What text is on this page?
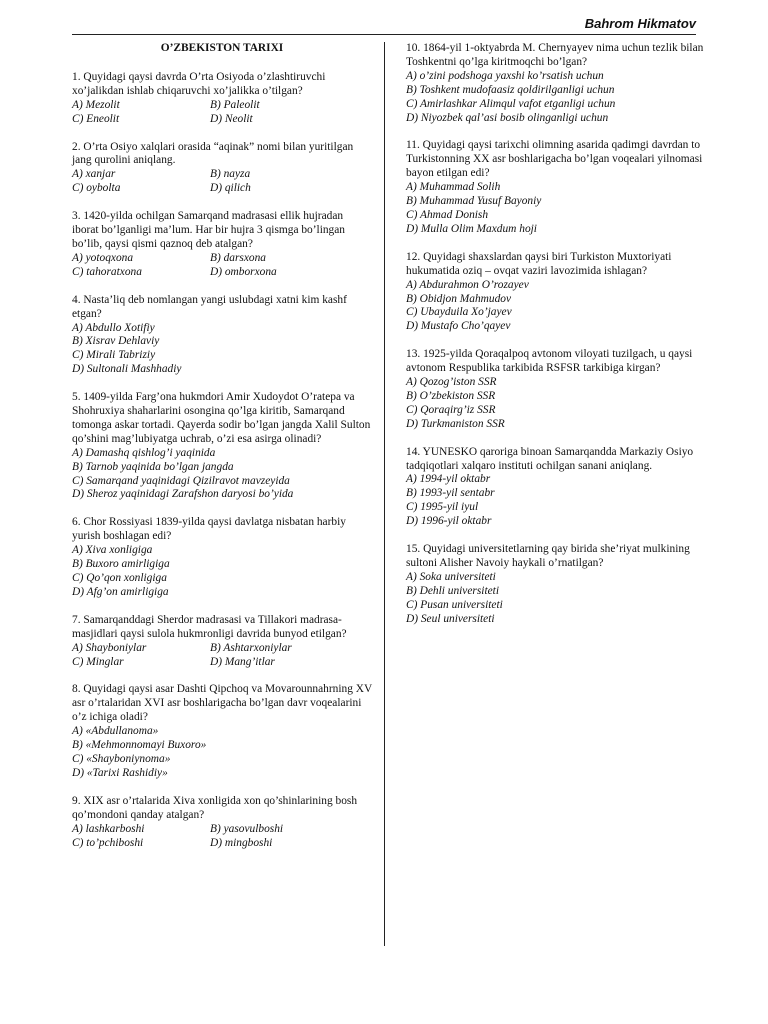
Bahrom Hikmatov
O’ZBEKISTON TARIXI
1. Quyidagi qaysi davrda O’rta Osiyoda o’zlashtiruvchi xo’jalikdan ishlab chiqaruvchi xo’jalikka o’tilgan?
A) Mezolit	B) Paleolit
C) Eneolit	D) Neolit
2. O’rta Osiyo xalqlari orasida “aqinak” nomi bilan yuritilgan jang qurolini aniqlang.
A) xanjar	B) nayza
C) oybolta	D) qilich
3. 1420-yilda ochilgan Samarqand madrasasi ellik hujradan iborat bo’lganligi ma’lum. Har bir hujra 3 qismga bo’lingan bo’lib, qaysi qismi qaznoq deb atalgan?
A) yotoqxona	B) darsxona
C) tahoratxona	D) omborxona
4. Nasta’liq deb nomlangan yangi uslubdagi xatni kim kashf etgan?
A) Abdullo Xotifiy
B) Xisrav Dehlaviy
C) Mirali Tabriziy
D) Sultonali Mashhadiy
5. 1409-yilda Farg’ona hukmdori Amir Xudoydot O’ratepa va Shohruxiya shaharlarini osongina qo’lga kiritib, Samarqand tomonga askar tortadi. Qayerda sodir bo’lgan jangda Xalil Sulton qo’shini mag’lubiyatga uchrab, o’zi esa asirga olinadi?
A) Damashq qishlog’i yaqinida
B) Tarnob yaqinida bo’lgan jangda
C) Samarqand yaqinidagi Qizilravot mavzeyida
D) Sheroz yaqinidagi Zarafshon daryosi bo’yida
6. Chor Rossiyasi 1839-yilda qaysi davlatga nisbatan harbiy yurish boshlagan edi?
A) Xiva xonligiga
B) Buxoro amirligiga
C) Qo’qon xonligiga
D) Afg’on amirligiga
7. Samarqanddagi Sherdor madrasasi va Tillakori madrasa-masjidlari qaysi sulola hukmronligi davrida bunyod etilgan?
A) Shayboniylar	B) Ashtarxoniylar
C) Minglar	D) Mang’itlar
8. Quyidagi qaysi asar Dashti Qipchoq va Movarounnahrning XV asr o’rtalaridan XVI asr boshlarigacha bo’lgan davr voqealarini o’z ichiga oladi?
A) «Abdullanoma»
B) «Mehmonnomayi Buxoro»
C) «Shayboniynoma»
D) «Tarixi Rashidiy»
9. XIX asr o’rtalarida Xiva xonligida xon qo’shinlarining bosh qo’mondoni qanday atalgan?
A) lashkarboshi	B) yasovulboshi
C) to’pchiboshi	D) mingboshi
10. 1864-yil 1-oktyabrda M. Chernyayev nima uchun tezlik bilan Toshkentni qo’lga kiritmoqchi bo’lgan?
A) o’zini podshoga yaxshi ko’rsatish uchun
B) Toshkent mudofaasiz qoldirilganligi uchun
C) Amirlashkar Alimqul vafot etganligi uchun
D) Niyozbek qal’asi bosib olinganligi uchun
11. Quyidagi qaysi tarixchi olimning asarida qadimgi davrdan to Turkistonning XX asr boshlarigacha bo’lgan voqealari yilnomasi bayon etilgan edi?
A) Muhammad Solih
B) Muhammad Yusuf Bayoniy
C) Ahmad Donish
D) Mulla Olim Maxdum hoji
12. Quyidagi shaxslardan qaysi biri Turkiston Muxtoriyati hukumatida oziq – ovqat vaziri lavozimida ishlagan?
A) Abdurahmon O’rozayev
B) Obidjon Mahmudov
C) Ubayduila Xo’jayev
D) Mustafo Cho’qayev
13. 1925-yilda Qoraqalpoq avtonom viloyati tuzilgach, u qaysi avtonom Respublika tarkibida RSFSR tarkibiga kirgan?
A) Qozog’iston SSR
B) O’zbekiston SSR
C) Qoraqirg’iz SSR
D) Turkmaniston SSR
14. YUNESKO qaroriga binoan Samarqandda Markaziy Osiyo tadqiqotlari xalqaro instituti ochilgan sanani aniqlang.
A) 1994-yil oktabr
B) 1993-yil sentabr
C) 1995-yil iyul
D) 1996-yil oktabr
15. Quyidagi universitetlarning qay birida she’riyat mulkining sultoni Alisher Navoiy haykali o’rnatilgan?
A) Soka universiteti
B) Dehli universiteti
C) Pusan universiteti
D) Seul universiteti
